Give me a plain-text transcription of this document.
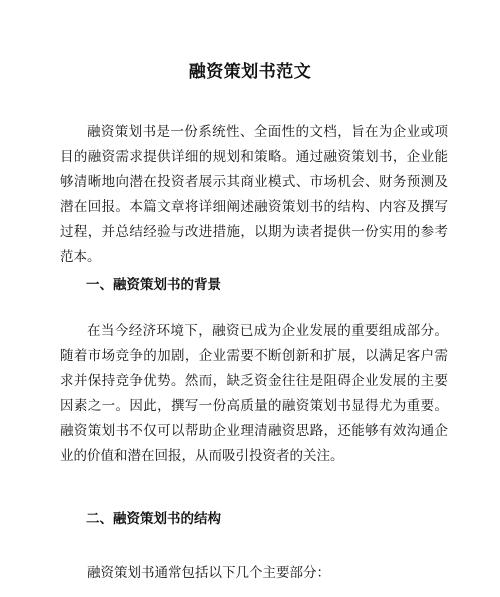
融资策划书范文

融资策划书是一份系统性、全面性的文档，旨在为企业或项目的融资需求提供详细的规划和策略。通过融资策划书，企业能够清晰地向潜在投资者展示其商业模式、市场机会、财务预测及潜在回报。本篇文章将详细阐述融资策划书的结构、内容及撰写过程，并总结经验与改进措施，以期为读者提供一份实用的参考范本。

一、融资策划书的背景

在当今经济环境下，融资已成为企业发展的重要组成部分。随着市场竞争的加剧，企业需要不断创新和扩展，以满足客户需求并保持竞争优势。然而，缺乏资金往往是阻碍企业发展的主要因素之一。因此，撰写一份高质量的融资策划书显得尤为重要。融资策划书不仅可以帮助企业理清融资思路，还能够有效沟通企业的价值和潜在回报，从而吸引投资者的关注。

二、融资策划书的结构

融资策划书通常包括以下几个主要部分：
